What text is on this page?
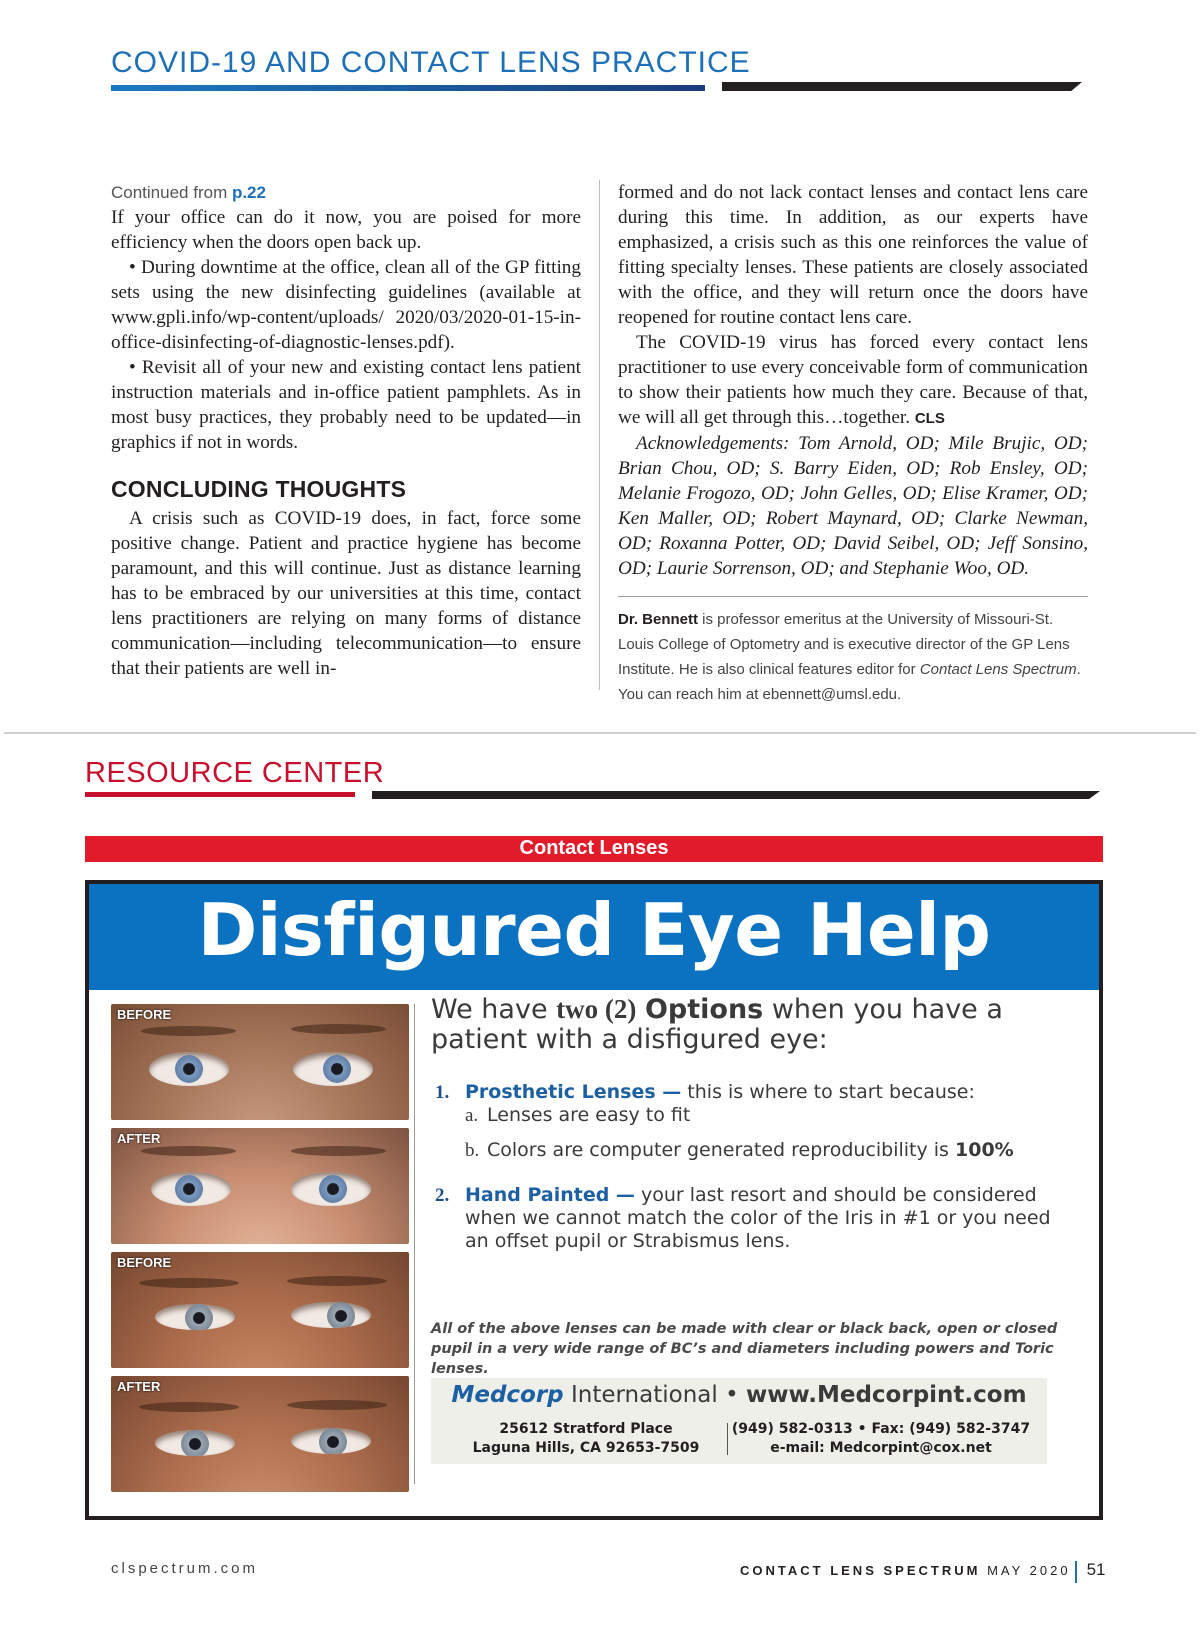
COVID-19 AND CONTACT LENS PRACTICE

Continued from p.22

If your office can do it now, you are poised for more efficiency when the doors open back up.

• During downtime at the office, clean all of the GP fitting sets using the new disinfecting guidelines (available at www.gpli.info/wp-content/uploads/ 2020/03/2020-01-15-in-office-disinfecting-of-diagnostic-lenses.pdf).

• Revisit all of your new and existing contact lens patient instruction materials and in-office patient pamphlets. As in most busy practices, they probably need to be updated—in graphics if not in words.

CONCLUDING THOUGHTS

A crisis such as COVID-19 does, in fact, force some positive change. Patient and practice hygiene has become paramount, and this will continue. Just as distance learning has to be embraced by our universities at this time, contact lens practitioners are relying on many forms of distance communication—including telecommunication—to ensure that their patients are well in-

formed and do not lack contact lenses and contact lens care during this time. In addition, as our experts have emphasized, a crisis such as this one reinforces the value of fitting specialty lenses. These patients are closely associated with the office, and they will return once the doors have reopened for routine contact lens care.

The COVID-19 virus has forced every contact lens practitioner to use every conceivable form of communication to show their patients how much they care. Because of that, we will all get through this…together. CLS

Acknowledgements: Tom Arnold, OD; Mile Brujic, OD; Brian Chou, OD; S. Barry Eiden, OD; Rob Ensley, OD; Melanie Frogozo, OD; John Gelles, OD; Elise Kramer, OD; Ken Maller, OD; Robert Maynard, OD; Clarke Newman, OD; Roxanna Potter, OD; David Seibel, OD; Jeff Sonsino, OD; Laurie Sorrenson, OD; and Stephanie Woo, OD.

Dr. Bennett is professor emeritus at the University of Missouri-St. Louis College of Optometry and is executive director of the GP Lens Institute. He is also clinical features editor for Contact Lens Spectrum. You can reach him at ebennett@umsl.edu.

RESOURCE CENTER
Contact Lenses
Disfigured Eye Help
BEFORE
AFTER
BEFORE
AFTER
We have two (2) Options when you have a patient with a disfigured eye:
1. Prosthetic Lenses — this is where to start because:
a. Lenses are easy to fit
b. Colors are computer generated reproducibility is 100%
2. Hand Painted — your last resort and should be considered when we cannot match the color of the Iris in #1 or you need an offset pupil or Strabismus lens.
All of the above lenses can be made with clear or black back, open or closed pupil in a very wide range of BC’s and diameters including powers and Toric lenses.
Medcorp International • www.Medcorpint.com
25612 Stratford Place
Laguna Hills, CA 92653-7509
(949) 582-0313 • Fax: (949) 582-3747
e-mail: Medcorpint@cox.net
clspectrum.com	CONTACT LENS SPECTRUM MAY 2020 51
